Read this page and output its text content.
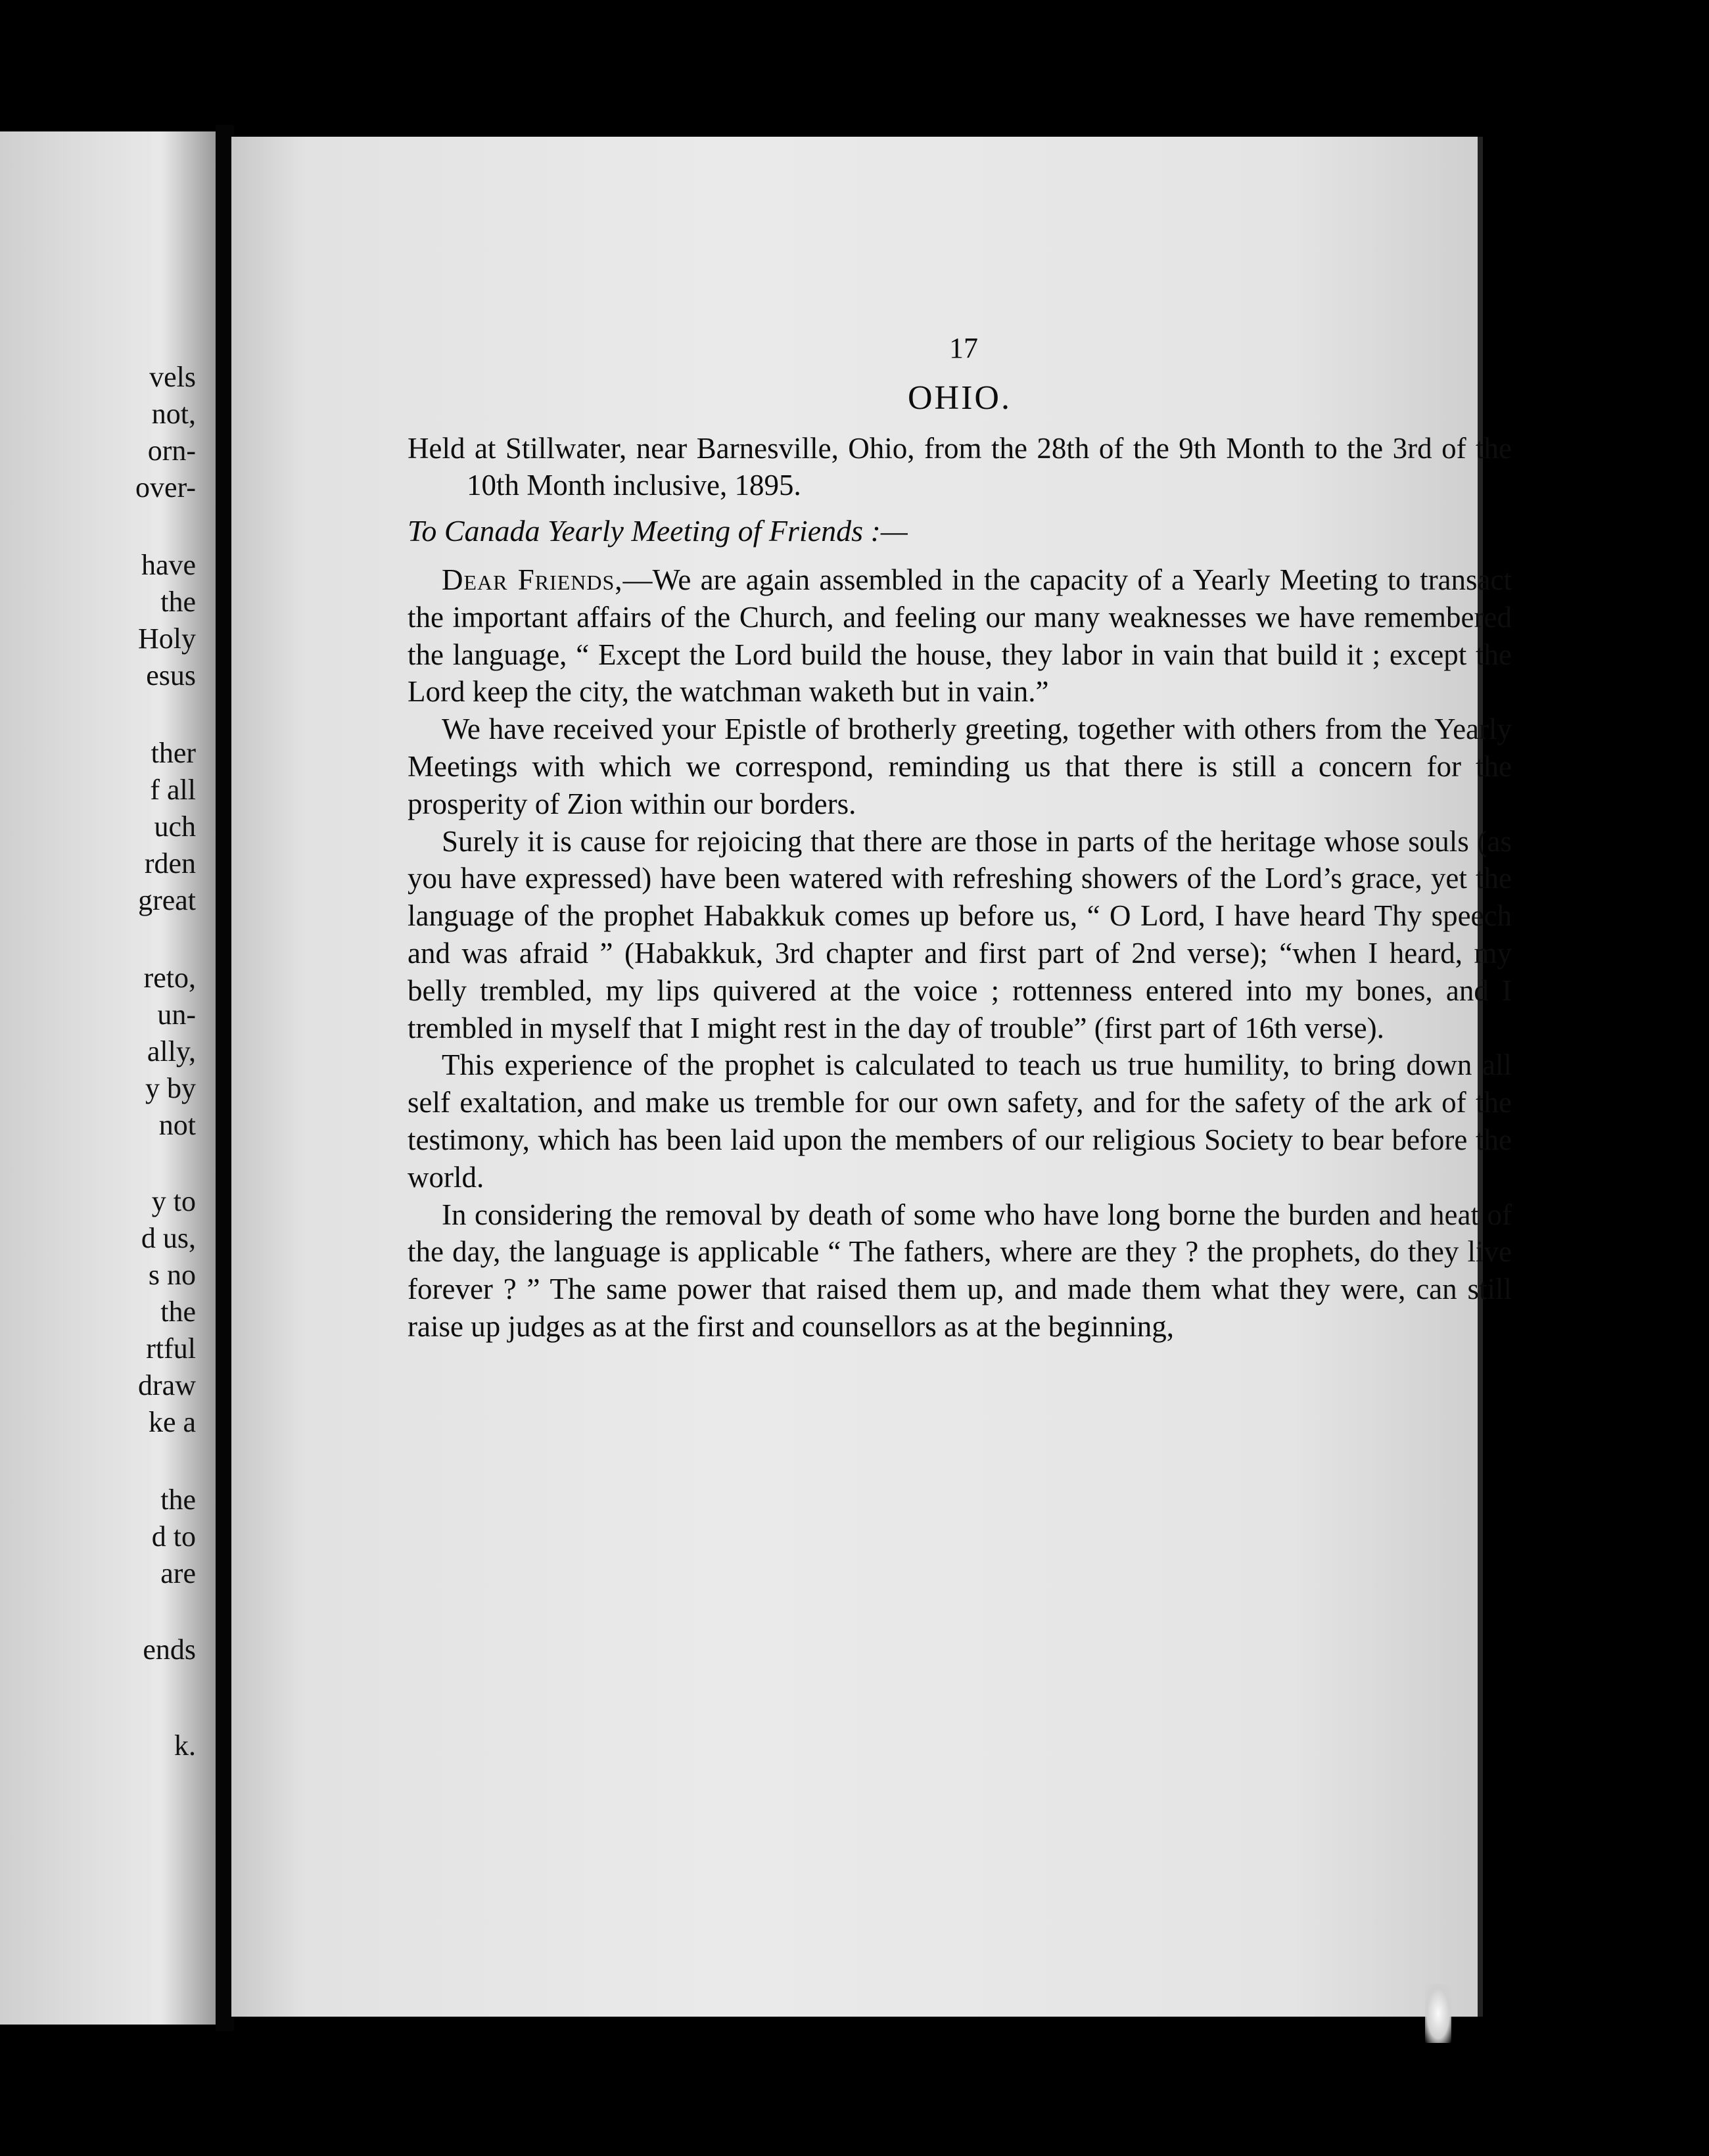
vels
not,
orn-
over-
have
the
Holy
esus
ther
f all
uch
rden
great
reto,
un-
ally,
y by
not
y to
d us,
s no
the
rtful
draw
ke a
the
d to
are
ends
k.
17
OHIO.

Held at Stillwater, near Barnesville, Ohio, from the 28th of the 9th Month to the 3rd of the 10th Month inclusive, 1895.

To Canada Yearly Meeting of Friends :—

Dear Friends,—We are again assembled in the capacity of a Yearly Meeting to transact the important affairs of the Church, and feeling our many weaknesses we have remembered the language, “ Except the Lord build the house, they labor in vain that build it ; except the Lord keep the city, the watchman waketh but in vain.”

We have received your Epistle of brotherly greeting, together with others from the Yearly Meetings with which we correspond, reminding us that there is still a concern for the prosperity of Zion within our borders.

Surely it is cause for rejoicing that there are those in parts of the heritage whose souls (as you have expressed) have been watered with refreshing showers of the Lord’s grace, yet the language of the prophet Habakkuk comes up before us, “ O Lord, I have heard Thy speech and was afraid ” (Habakkuk, 3rd chapter and first part of 2nd verse); “when I heard, my belly trembled, my lips quivered at the voice ; rottenness entered into my bones, and I trembled in myself that I might rest in the day of trouble” (first part of 16th verse).

This experience of the prophet is calculated to teach us true humility, to bring down all self exaltation, and make us tremble for our own safety, and for the safety of the ark of the testimony, which has been laid upon the members of our religious Society to bear before the world.

In considering the removal by death of some who have long borne the burden and heat of the day, the language is applicable “ The fathers, where are they ? the prophets, do they live forever ? ” The same power that raised them up, and made them what they were, can still raise up judges as at the first and counsellors as at the beginning,
